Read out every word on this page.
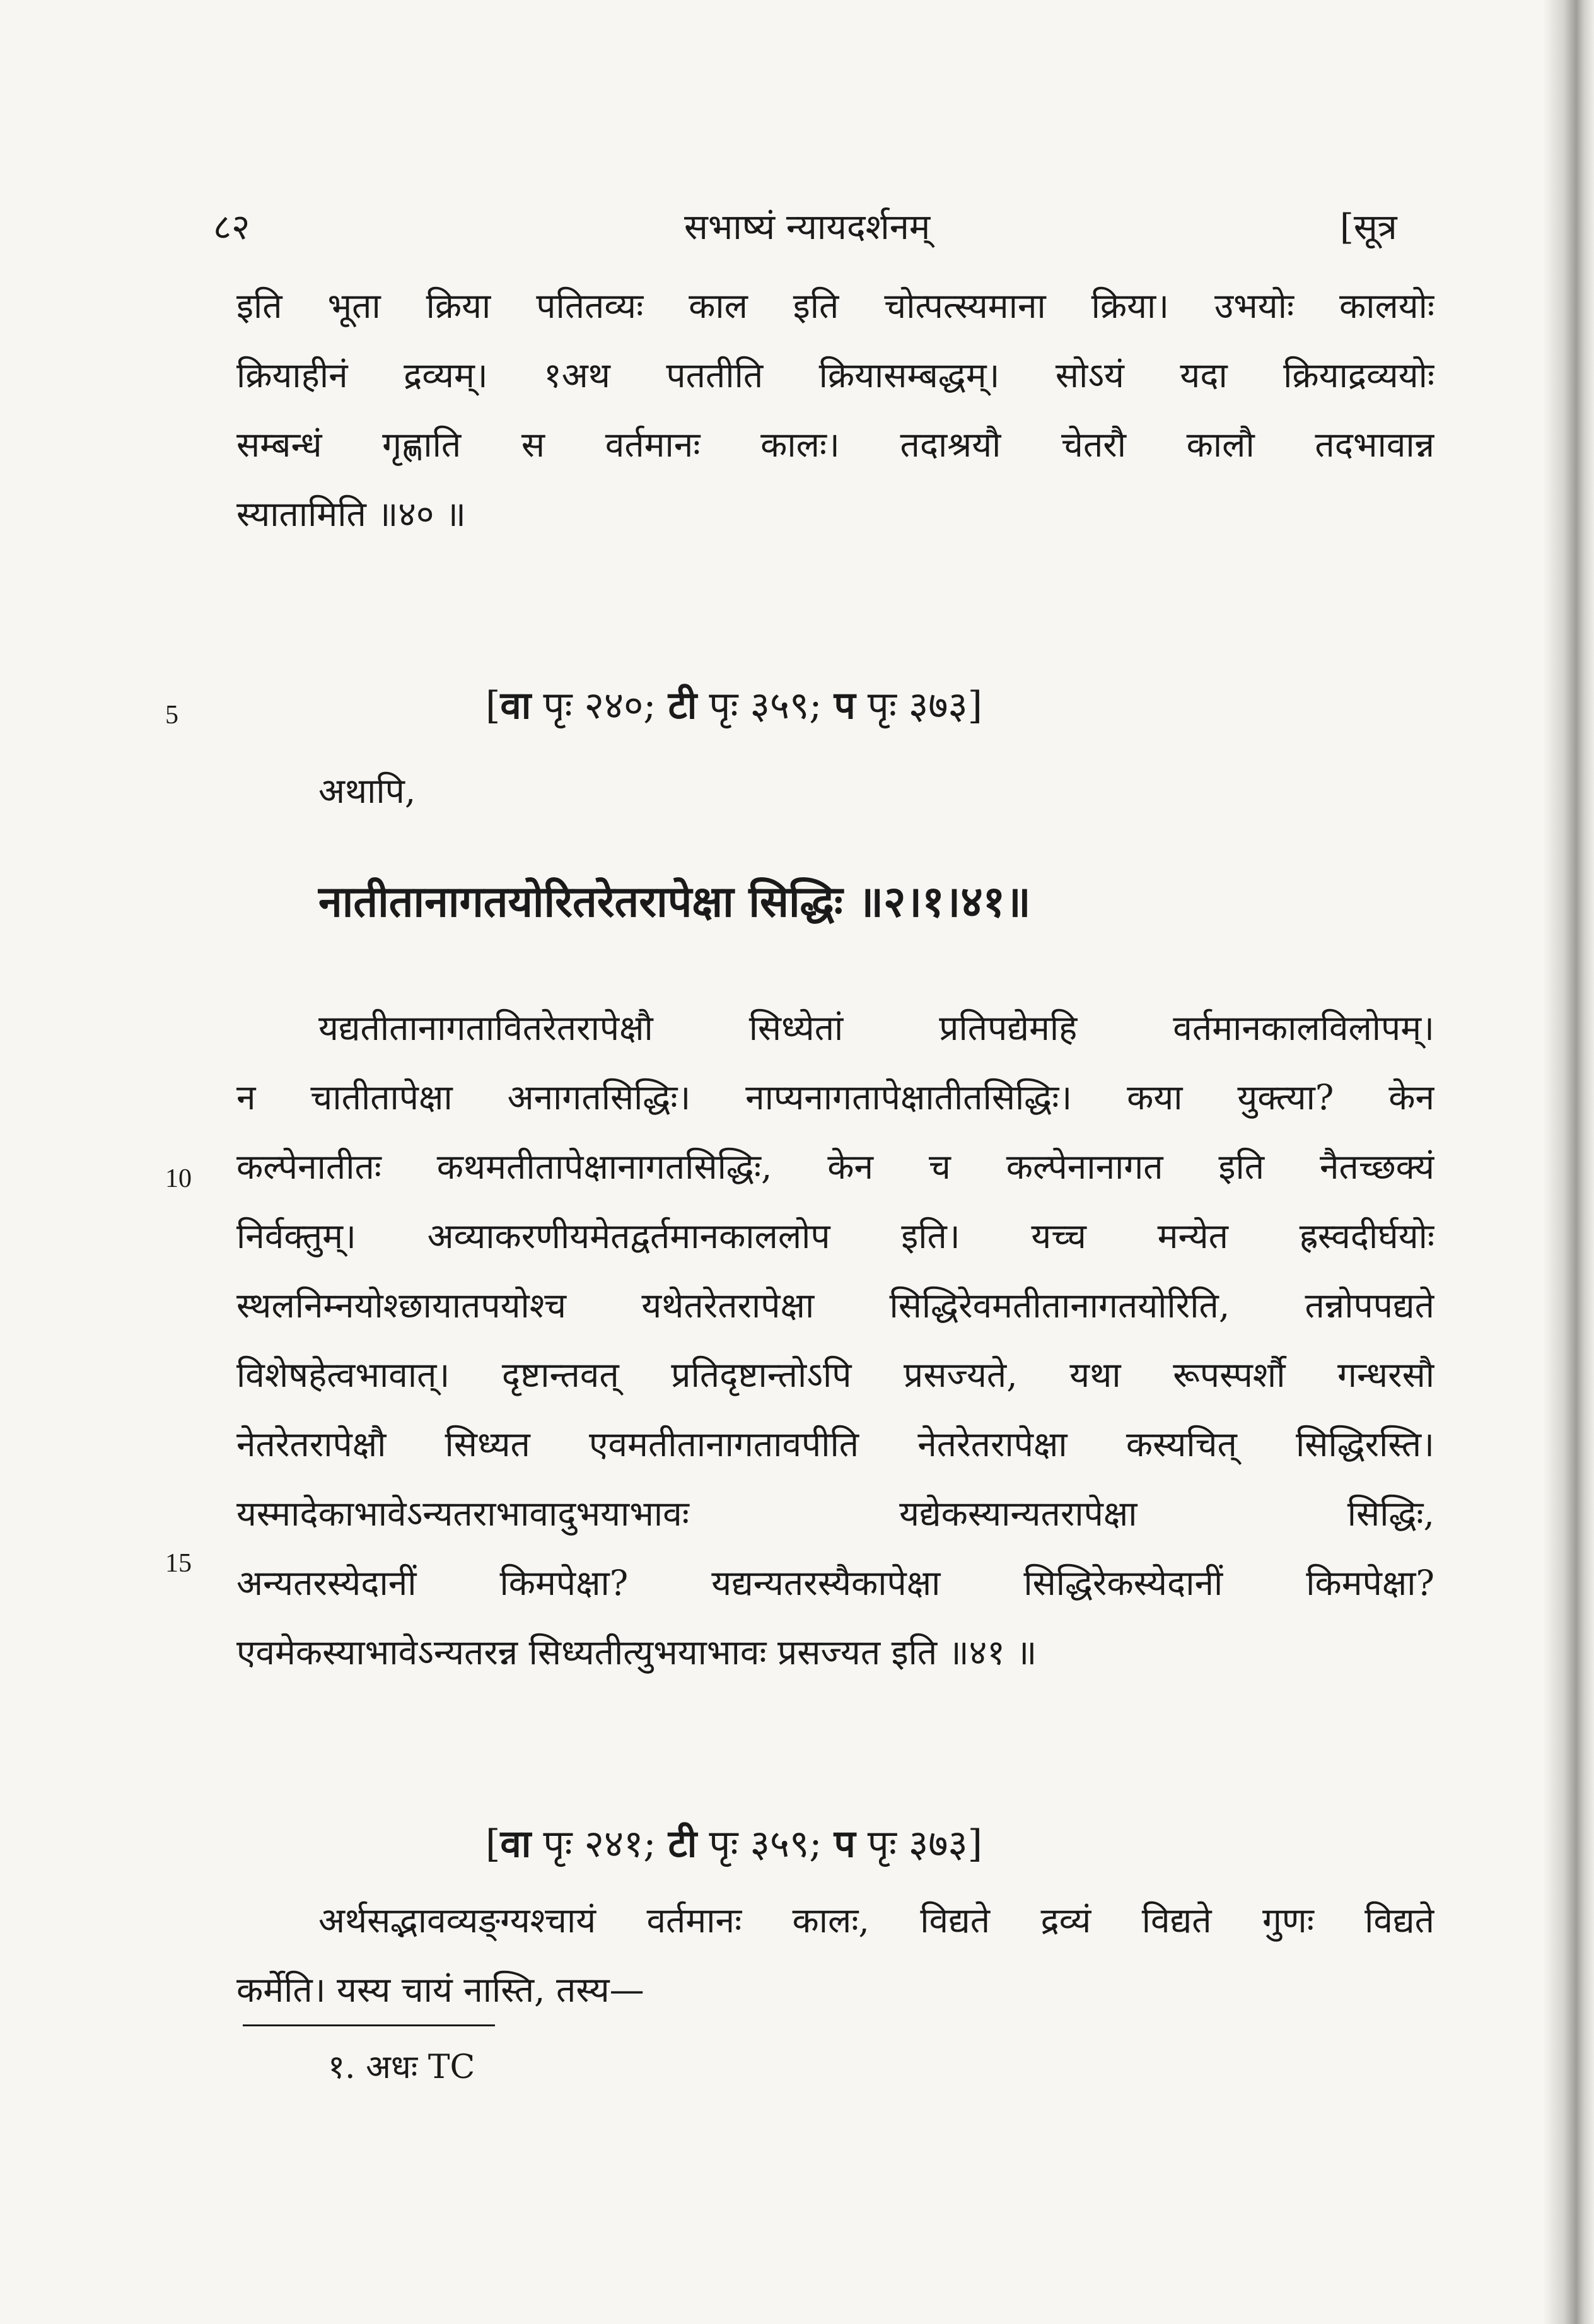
८२	सभाष्यं न्यायदर्शनम्	[सूत्र
इति भूता क्रिया पतितव्यः काल इति चोत्पत्स्यमाना क्रिया। उभयोः कालयोः
क्रियाहीनं द्रव्यम्। १अथ पततीति क्रियासम्बद्धम्। सोऽयं यदा क्रियाद्रव्ययोः
सम्बन्धं गृह्णाति स वर्तमानः कालः। तदाश्रयौ चेतरौ कालौ तदभावान्न
स्यातामिति ॥४० ॥
5	[वा पृः २४०; टी पृः ३५९; प पृः ३७३]
अथापि,
नातीतानागतयोरितरेतरापेक्षा सिद्धिः ॥२।१।४१॥
यद्यतीतानागतावितरेतरापेक्षौ सिध्येतां प्रतिपद्येमहि वर्तमानकालविलोपम्।
न चातीतापेक्षा अनागतसिद्धिः। नाप्यनागतापेक्षातीतसिद्धिः। कया युक्त्या? केन
कल्पेनातीतः कथमतीतापेक्षानागतसिद्धिः, केन च कल्पेनानागत इति नैतच्छक्यं
निर्वक्तुम्। अव्याकरणीयमेतद्वर्तमानकाललोप इति। यच्च मन्येत ह्रस्वदीर्घयोः
स्थलनिम्नयोश्छायातपयोश्च यथेतरेतरापेक्षा सिद्धिरेवमतीतानागतयोरिति, तन्नोपपद्यते
विशेषहेत्वभावात्। दृष्टान्तवत् प्रतिदृष्टान्तोऽपि प्रसज्यते, यथा रूपस्पर्शौ गन्धरसौ
नेतरेतरापेक्षौ सिध्यत एवमतीतानागतावपीति नेतरेतरापेक्षा कस्यचित् सिद्धिरस्ति।
यस्मादेकाभावेऽन्यतराभावादुभयाभावः यद्येकस्यान्यतरापेक्षा सिद्धिः,
अन्यतरस्येदानीं किमपेक्षा? यद्यन्यतरस्यैकापेक्षा सिद्धिरेकस्येदानीं किमपेक्षा?
एवमेकस्याभावेऽन्यतरन्न सिध्यतीत्युभयाभावः प्रसज्यत इति ॥४१ ॥
10
15
[वा पृः २४१; टी पृः ३५९; प पृः ३७३]
अर्थसद्भावव्यङ्ग्यश्चायं वर्तमानः कालः, विद्यते द्रव्यं विद्यते गुणः विद्यते
कर्मेति। यस्य चायं नास्ति, तस्य—
१. अधः TC
